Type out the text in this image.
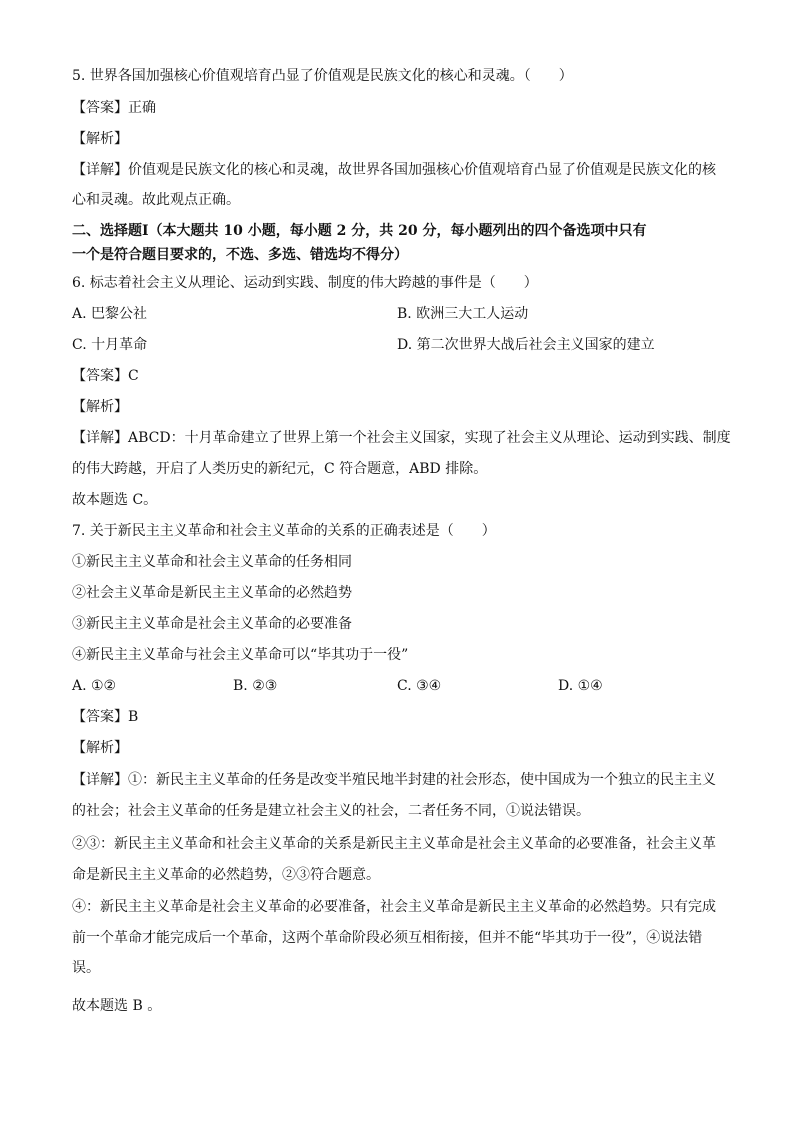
5. 世界各国加强核心价值观培育凸显了价值观是民族文化的核心和灵魂。（　　）
【答案】正确
【解析】
【详解】价值观是民族文化的核心和灵魂，故世界各国加强核心价值观培育凸显了价值观是民族文化的核
心和灵魂。故此观点正确。
二、选择题Ⅰ（本大题共 10 小题，每小题 2 分，共 20 分，每小题列出的四个备选项中只有
一个是符合题目要求的，不选、多选、错选均不得分）
6. 标志着社会主义从理论、运动到实践、制度的伟大跨越的事件是（　　）
A. 巴黎公社	B. 欧洲三大工人运动
C. 十月革命	D. 第二次世界大战后社会主义国家的建立
【答案】C
【解析】
【详解】ABCD：十月革命建立了世界上第一个社会主义国家，实现了社会主义从理论、运动到实践、制度
的伟大跨越，开启了人类历史的新纪元，C 符合题意，ABD 排除。
故本题选 C。
7. 关于新民主主义革命和社会主义革命的关系的正确表述是（　　）
①新民主主义革命和社会主义革命的任务相同
②社会主义革命是新民主主义革命的必然趋势
③新民主主义革命是社会主义革命的必要准备
④新民主主义革命与社会主义革命可以“毕其功于一役”
A. ①②	B. ②③	C. ③④	D. ①④
【答案】B
【解析】
【详解】①：新民主主义革命的任务是改变半殖民地半封建的社会形态，使中国成为一个独立的民主主义
的社会；社会主义革命的任务是建立社会主义的社会，二者任务不同，①说法错误。
②③：新民主主义革命和社会主义革命的关系是新民主主义革命是社会主义革命的必要准备，社会主义革
命是新民主主义革命的必然趋势，②③符合题意。
④：新民主主义革命是社会主义革命的必要准备，社会主义革命是新民主主义革命的必然趋势。只有完成
前一个革命才能完成后一个革命，这两个革命阶段必须互相衔接，但并不能“毕其功于一役”，④说法错
误。
故本题选 B 。
